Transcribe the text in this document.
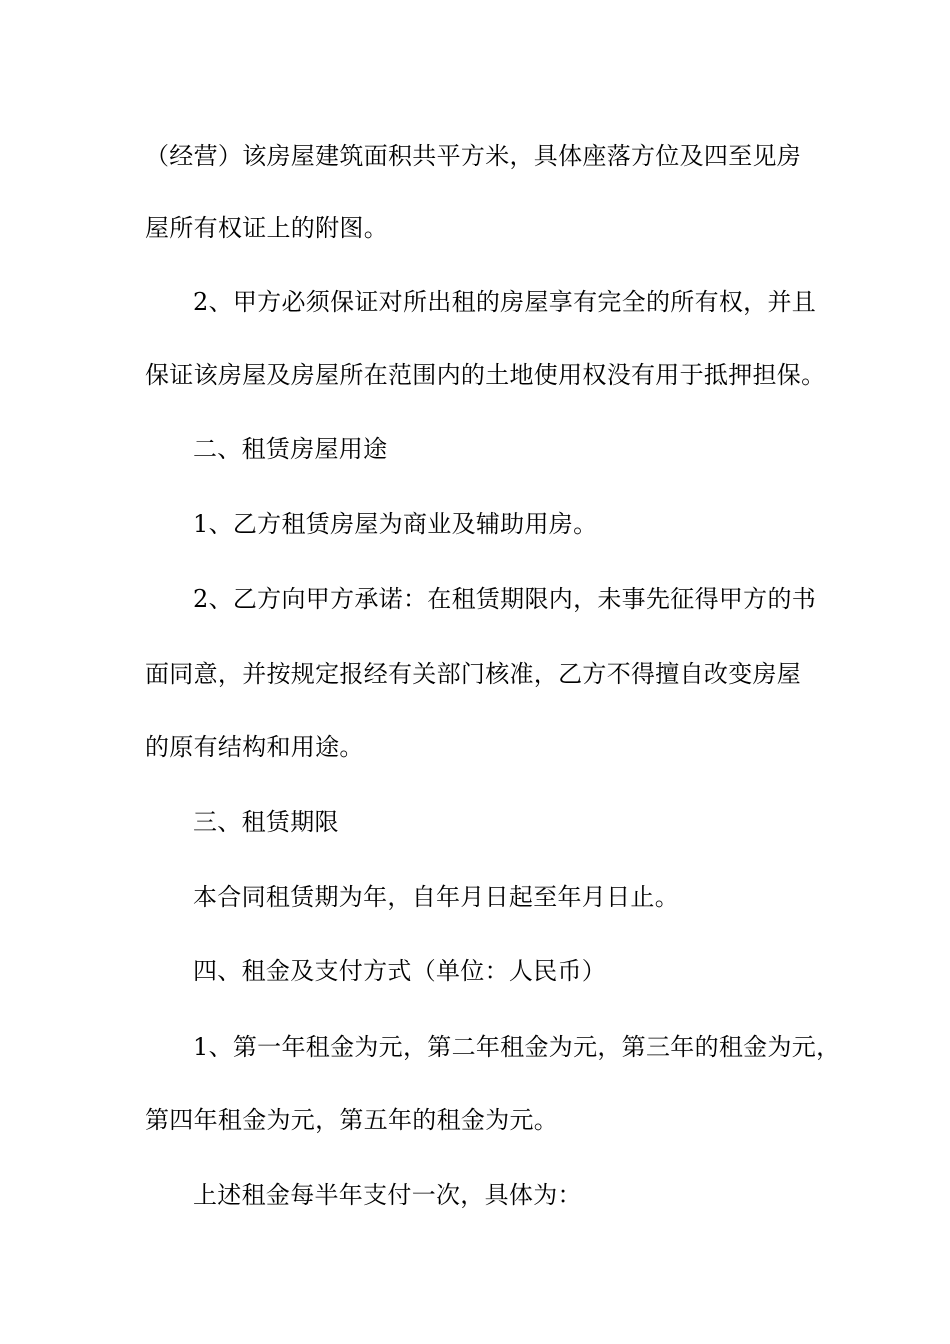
（经营）该房屋建筑面积共平方米，具体座落方位及四至见房
屋所有权证上的附图。
2、甲方必须保证对所出租的房屋享有完全的所有权，并且
保证该房屋及房屋所在范围内的土地使用权没有用于抵押担保。
二、租赁房屋用途
1、乙方租赁房屋为商业及辅助用房。
2、乙方向甲方承诺：在租赁期限内，未事先征得甲方的书
面同意，并按规定报经有关部门核准，乙方不得擅自改变房屋
的原有结构和用途。
三、租赁期限
本合同租赁期为年，自年月日起至年月日止。
四、租金及支付方式（单位：人民币）
1、第一年租金为元，第二年租金为元，第三年的租金为元，
第四年租金为元，第五年的租金为元。
上述租金每半年支付一次，具体为：
